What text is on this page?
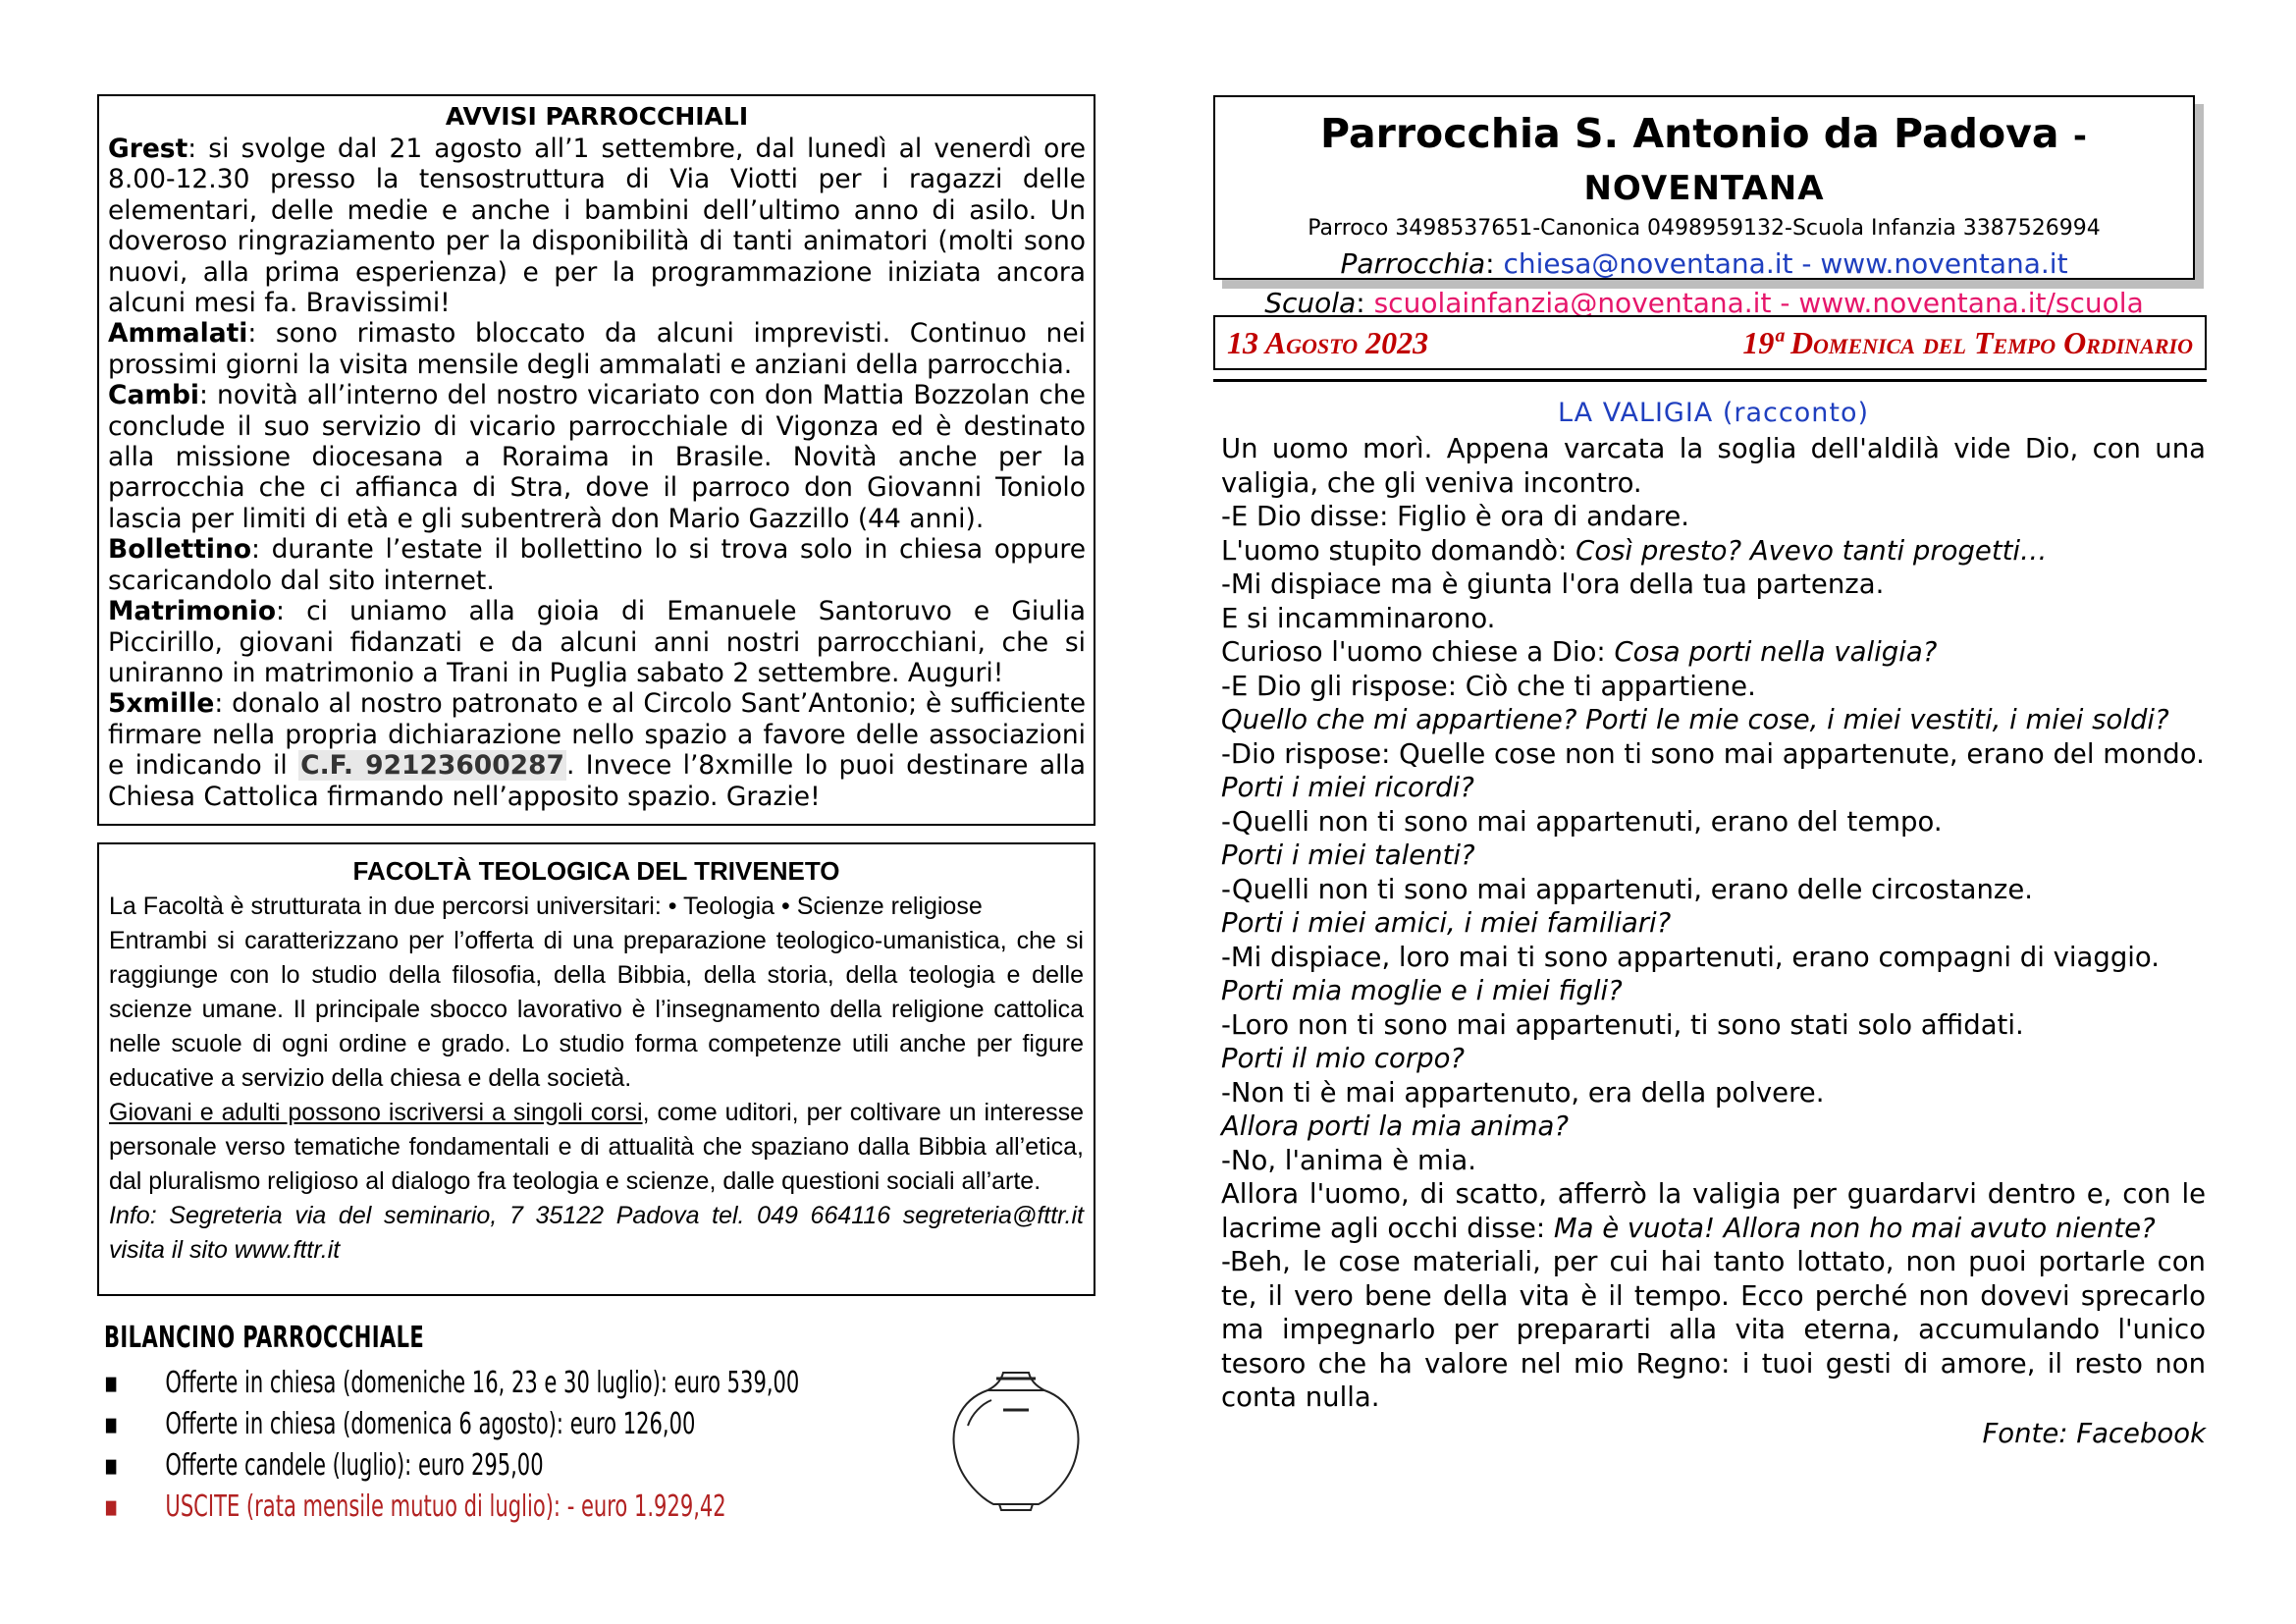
AVVISI PARROCCHIALI

Grest: si svolge dal 21 agosto all’1 settembre, dal lunedì al venerdì ore 8.00-12.30 presso la tensostruttura di Via Viotti per i ragazzi delle elementari, delle medie e anche i bambini dell’ultimo anno di asilo. Un doveroso ringraziamento per la disponibilità di tanti animatori (molti sono nuovi, alla prima esperienza) e per la programmazione iniziata ancora alcuni mesi fa. Bravissimi!

Ammalati: sono rimasto bloccato da alcuni imprevisti. Continuo nei prossimi giorni la visita mensile degli ammalati e anziani della parrocchia.

Cambi: novità all’interno del nostro vicariato con don Mattia Bozzolan che conclude il suo servizio di vicario parrocchiale di Vigonza ed è destinato alla missione diocesana a Roraima in Brasile. Novità anche per la parrocchia che ci affianca di Stra, dove il parroco don Giovanni Toniolo lascia per limiti di età e gli subentrerà don Mario Gazzillo (44 anni).

Bollettino: durante l’estate il bollettino lo si trova solo in chiesa oppure scaricandolo dal sito internet.

Matrimonio: ci uniamo alla gioia di Emanuele Santoruvo e Giulia Piccirillo, giovani fidanzati e da alcuni anni nostri parrocchiani, che si uniranno in matrimonio a Trani in Puglia sabato 2 settembre. Auguri!

5xmille: donalo al nostro patronato e al Circolo Sant’Antonio; è sufficiente firmare nella propria dichiarazione nello spazio a favore delle associazioni e indicando il C.F. 92123600287. Invece l’8xmille lo puoi destinare alla Chiesa Cattolica firmando nell’apposito spazio. Grazie!

FACOLTÀ TEOLOGICA DEL TRIVENETO

La Facoltà è strutturata in due percorsi universitari: • Teologia • Scienze religiose

Entrambi si caratterizzano per l’offerta di una preparazione teologico-umanistica, che si raggiunge con lo studio della filosofia, della Bibbia, della storia, della teologia e delle scienze umane. Il principale sbocco lavorativo è l’insegnamento della religione cattolica nelle scuole di ogni ordine e grado. Lo studio forma competenze utili anche per figure educative a servizio della chiesa e della società.

Giovani e adulti possono iscriversi a singoli corsi, come uditori, per coltivare un interesse personale verso tematiche fondamentali e di attualità che spaziano dalla Bibbia all’etica, dal pluralismo religioso al dialogo fra teologia e scienze, dalle questioni sociali all’arte.

Info: Segreteria via del seminario, 7 35122 Padova tel. 049 664116 segreteria@fttr.it visita il sito www.fttr.it

BILANCINO PARROCCHIALE
▪ Offerte in chiesa (domeniche 16, 23 e 30 luglio): euro 539,00
▪ Offerte in chiesa (domenica 6 agosto): euro 126,00
▪ Offerte candele (luglio): euro 295,00
▪ USCITE (rata mensile mutuo di luglio): - euro 1.929,42
Parrocchia S. Antonio da Padova - NOVENTANA
Parroco 3498537651-Canonica 0498959132-Scuola Infanzia 3387526994
Parrocchia: chiesa@noventana.it - www.noventana.it
Scuola: scuolainfanzia@noventana.it - www.noventana.it/scuola
13 Agosto 2023	19ª Domenica del Tempo Ordinario
LA VALIGIA (racconto)
Un uomo morì. Appena varcata la soglia dell'aldilà vide Dio, con una valigia, che gli veniva incontro.
-E Dio disse: Figlio è ora di andare.
L'uomo stupito domandò: Così presto? Avevo tanti progetti…
-Mi dispiace ma è giunta l'ora della tua partenza.
E si incamminarono.
Curioso l'uomo chiese a Dio: Cosa porti nella valigia?
-E Dio gli rispose: Ciò che ti appartiene.
Quello che mi appartiene? Porti le mie cose, i miei vestiti, i miei soldi?
-Dio rispose: Quelle cose non ti sono mai appartenute, erano del mondo.
Porti i miei ricordi?
-Quelli non ti sono mai appartenuti, erano del tempo.
Porti i miei talenti?
-Quelli non ti sono mai appartenuti, erano delle circostanze.
Porti i miei amici, i miei familiari?
-Mi dispiace, loro mai ti sono appartenuti, erano compagni di viaggio.
Porti mia moglie e i miei figli?
-Loro non ti sono mai appartenuti, ti sono stati solo affidati.
Porti il mio corpo?
-Non ti è mai appartenuto, era della polvere.
Allora porti la mia anima?
-No, l'anima è mia.
Allora l'uomo, di scatto, afferrò la valigia per guardarvi dentro e, con le lacrime agli occhi disse: Ma è vuota! Allora non ho mai avuto niente?
-Beh, le cose materiali, per cui hai tanto lottato, non puoi portarle con te, il vero bene della vita è il tempo. Ecco perché non dovevi sprecarlo ma impegnarlo per prepararti alla vita eterna, accumulando l'unico tesoro che ha valore nel mio Regno: i tuoi gesti di amore, il resto non conta nulla.
Fonte: Facebook
